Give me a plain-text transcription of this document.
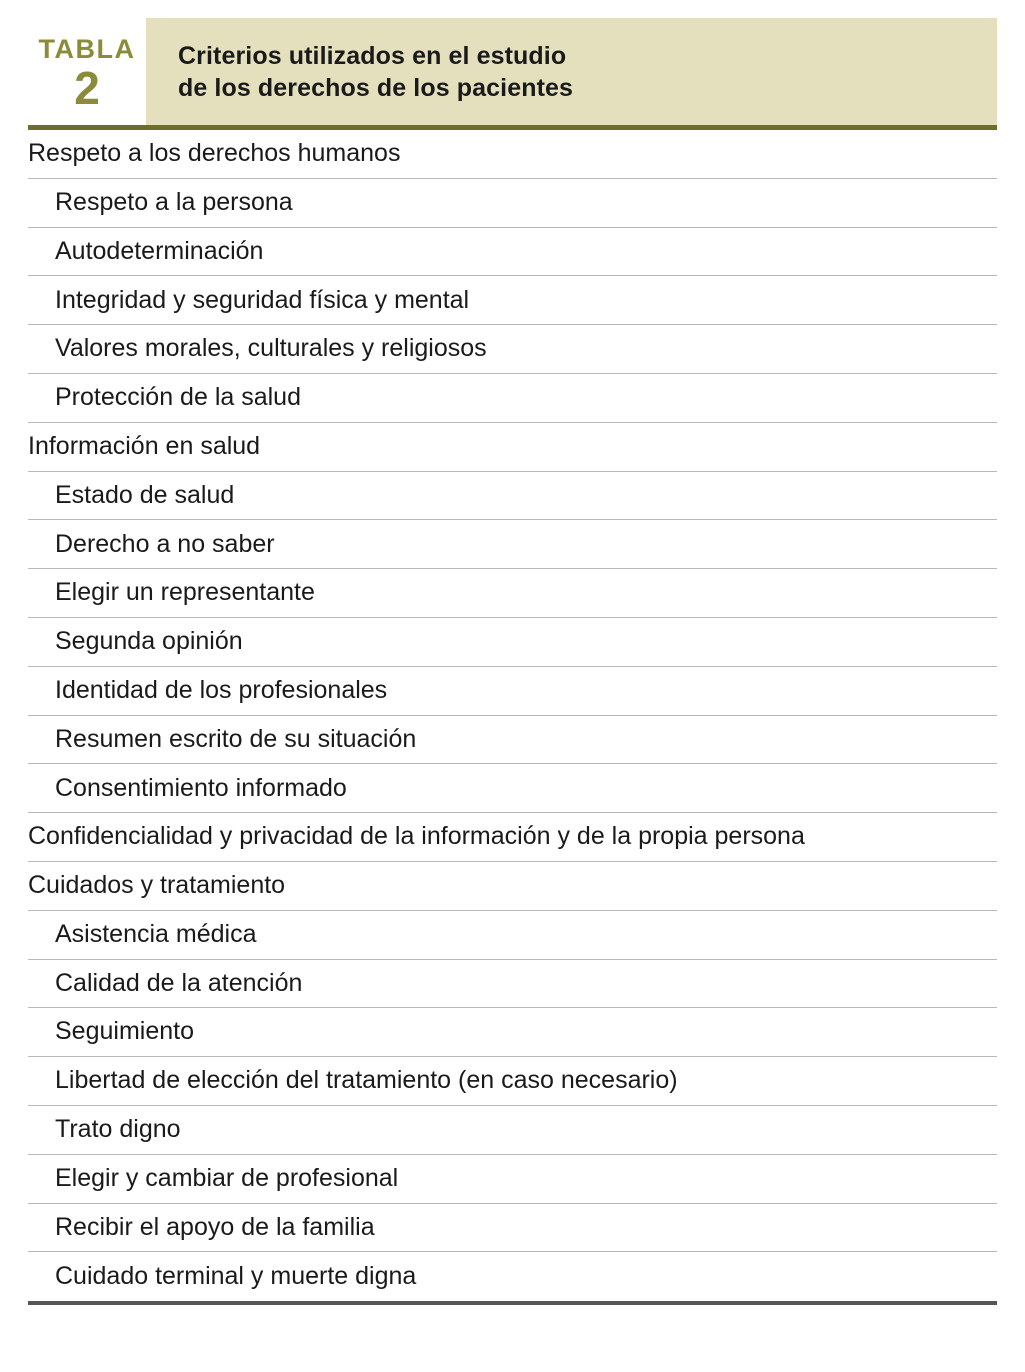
TABLA
2
Criterios utilizados en el estudio
de los derechos de los pacientes
Respeto a los derechos humanos
Respeto a la persona
Autodeterminación
Integridad y seguridad física y mental
Valores morales, culturales y religiosos
Protección de la salud
Información en salud
Estado de salud
Derecho a no saber
Elegir un representante
Segunda opinión
Identidad de los profesionales
Resumen escrito de su situación
Consentimiento informado
Confidencialidad y privacidad de la información y de la propia persona
Cuidados y tratamiento
Asistencia médica
Calidad de la atención
Seguimiento
Libertad de elección del tratamiento (en caso necesario)
Trato digno
Elegir y cambiar de profesional
Recibir el apoyo de la familia
Cuidado terminal y muerte digna
